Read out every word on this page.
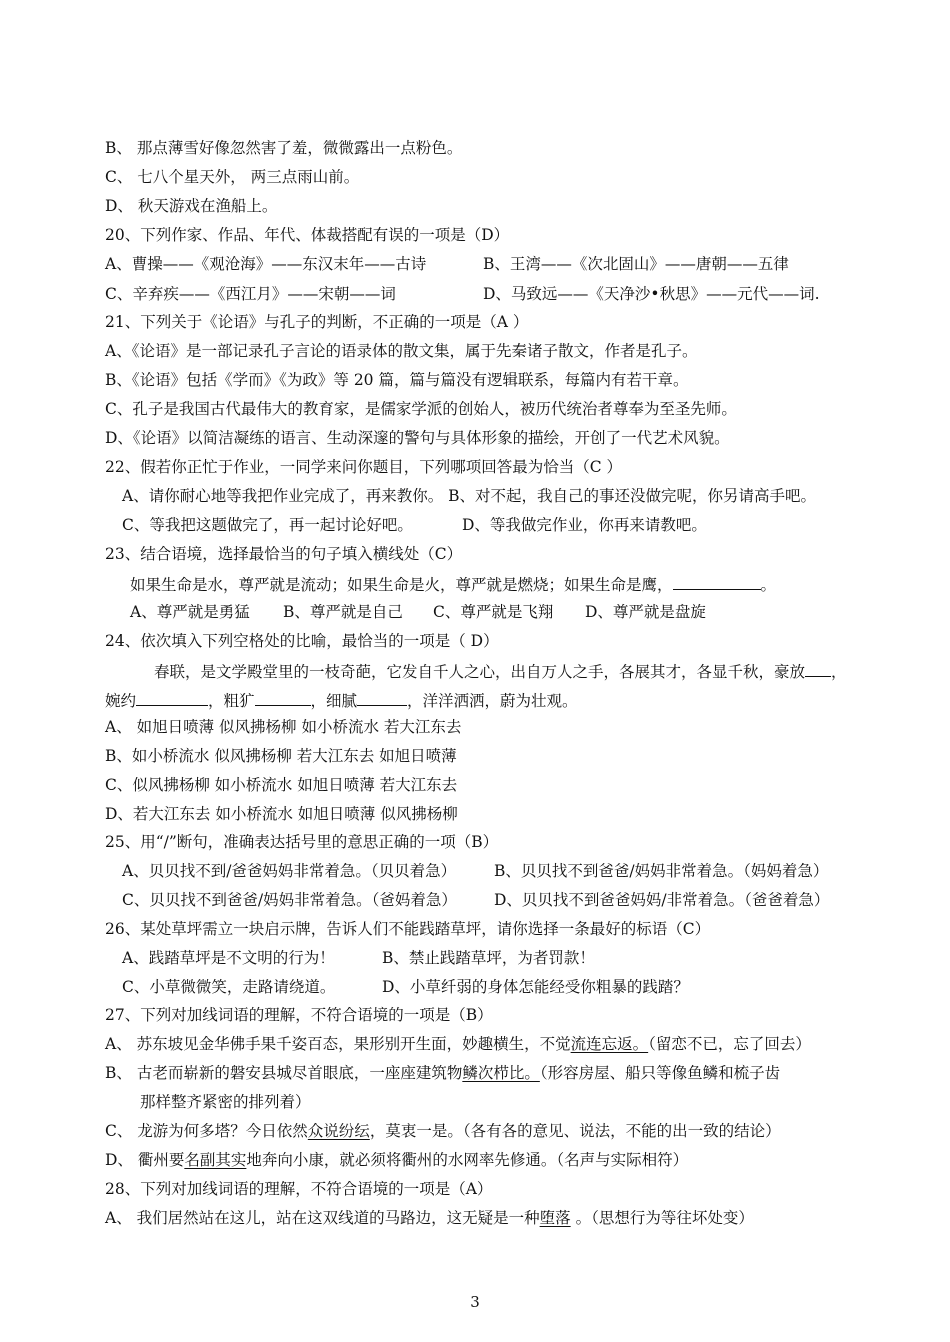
B、 那点薄雪好像忽然害了羞，微微露出一点粉色。
C、 七八个星天外， 两三点雨山前。
D、 秋天游戏在渔船上。
20、下列作家、作品、年代、体裁搭配有误的一项是（D）
A、曹操——《观沧海》——东汉末年——古诗	B、王湾——《次北固山》——唐朝——五律
C、辛弃疾——《西江月》——宋朝——词	D、马致远——《天净沙•秋思》——元代——词.
21、下列关于《论语》与孔子的判断，不正确的一项是（A ）
A、《论语》是一部记录孔子言论的语录体的散文集，属于先秦诸子散文，作者是孔子。
B、《论语》包括《学而》《为政》等 20 篇，篇与篇没有逻辑联系，每篇内有若干章。
C、孔子是我国古代最伟大的教育家，是儒家学派的创始人，被历代统治者尊奉为至圣先师。
D、《论语》以简洁凝练的语言、生动深邃的警句与具体形象的描绘，开创了一代艺术风貌。
22、假若你正忙于作业，一同学来问你题目，下列哪项回答最为恰当（C ）
A、请你耐心地等我把作业完成了，再来教你。 B、对不起，我自己的事还没做完呢，你另请高手吧。
C、等我把这题做完了，再一起讨论好吧。	D、等我做完作业，你再来请教吧。
23、结合语境，选择最恰当的句子填入横线处（C）
如果生命是水，尊严就是流动；如果生命是火，尊严就是燃烧；如果生命是鹰，	。
A、尊严就是勇猛 B、尊严就是自己 C、尊严就是飞翔 D、尊严就是盘旋
24、依次填入下列空格处的比喻，最恰当的一项是（ D）
春联，是文学殿堂里的一枝奇葩，它发自千人之心，出自万人之手，各展其才，各显千秋，豪放 ，
婉约	，粗犷	，细腻	，洋洋洒洒，蔚为壮观。
A、 如旭日喷薄 似风拂杨柳 如小桥流水 若大江东去
B、如小桥流水 似风拂杨柳 若大江东去 如旭日喷薄
C、似风拂杨柳 如小桥流水 如旭日喷薄 若大江东去
D、若大江东去 如小桥流水 如旭日喷薄 似风拂杨柳
25、用“/”断句，准确表达括号里的意思正确的一项（B）
A、贝贝找不到/爸爸妈妈非常着急。（贝贝着急） B、贝贝找不到爸爸/妈妈非常着急。（妈妈着急）
C、贝贝找不到爸爸/妈妈非常着急。（爸妈着急） D、贝贝找不到爸爸妈妈/非常着急。（爸爸着急）
26、某处草坪需立一块启示牌，告诉人们不能践踏草坪，请你选择一条最好的标语（C）
A、践踏草坪是不文明的行为！	B、禁止践踏草坪，为者罚款！
C、小草微微笑，走路请绕道。	D、小草纤弱的身体怎能经受你粗暴的践踏？
27、下列对加线词语的理解，不符合语境的一项是（B）
A、 苏东坡见金华佛手果千姿百态，果形别开生面，妙趣横生，不觉流连忘返。（留恋不已，忘了回去）
B、 古老而崭新的磐安县城尽首眼底，一座座建筑物鳞次栉比。（形容房屋、船只等像鱼鳞和梳子齿
那样整齐紧密的排列着）
C、 龙游为何多塔？今日依然众说纷纭，莫衷一是。（各有各的意见、说法，不能的出一致的结论）
D、 衢州要名副其实地奔向小康，就必须将衢州的水网率先修通。（名声与实际相符）
28、下列对加线词语的理解，不符合语境的一项是（A）
A、 我们居然站在这儿，站在这双线道的马路边，这无疑是一种堕落 。（思想行为等往坏处变）
3
